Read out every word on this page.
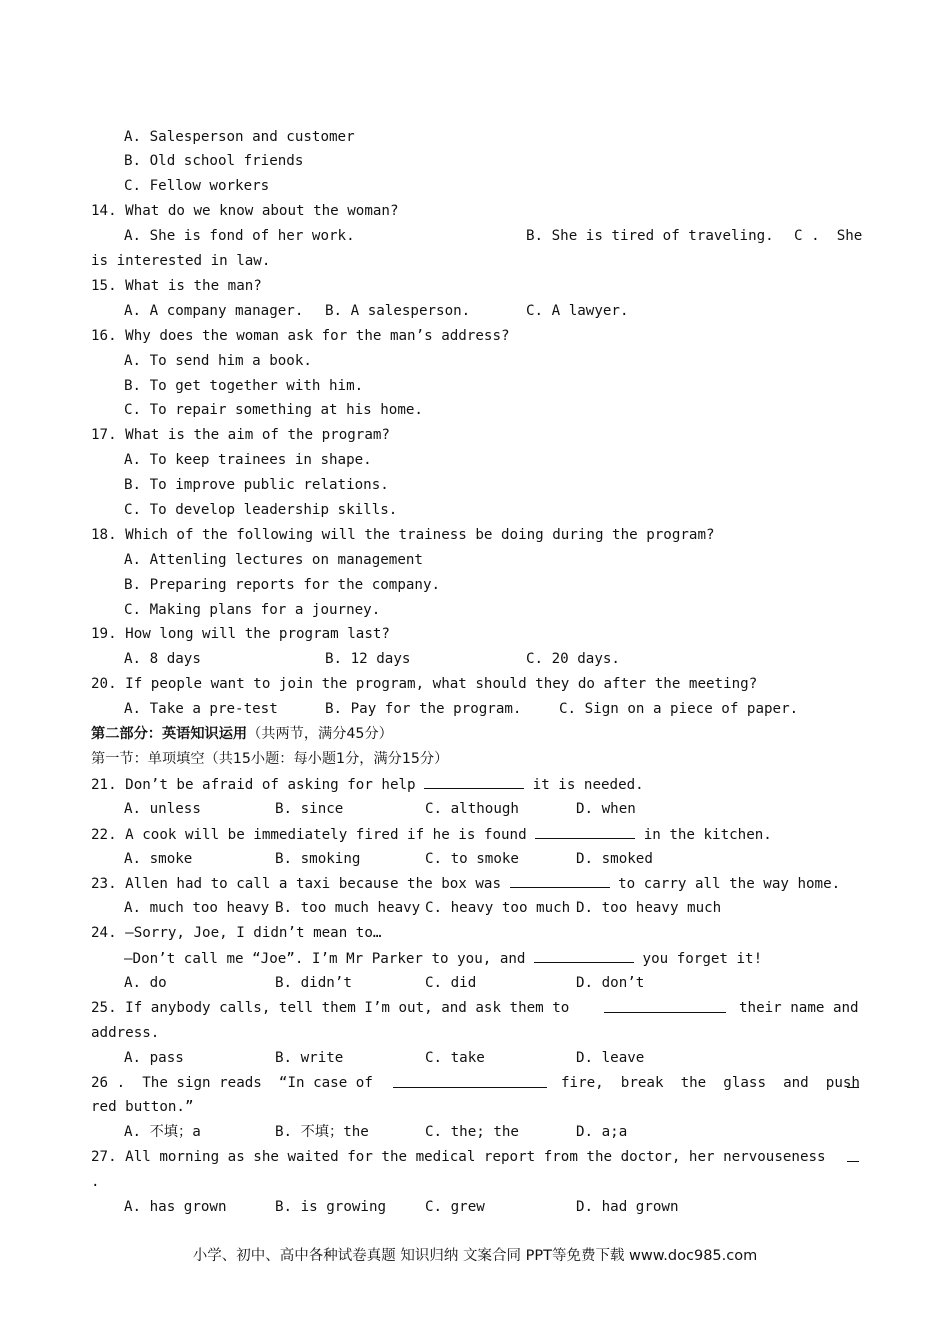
A. Salesperson and customer
B. Old school friends
C. Fellow workers
14. What do we know about the woman?
A. She is fond of her work.	B. She is tired of traveling. C .  She
is interested in law.
15. What is the man?
A. A company manager. B. A salesperson.	C. A lawyer.
16. Why does the woman ask for the man’s address?
A. To send him a book.
B. To get together with him.
C. To repair something at his home.
17. What is the aim of the program?
A. To keep trainees in shape.
B. To improve public relations.
C. To develop leadership skills.
18. Which of the following will the trainess be doing during the program?
A. Attenling lectures on management
B. Preparing reports for the company.
C. Making plans for a journey.
19. How long will the program last?
A. 8 days	B. 12 days	C. 20 days.
20. If people want to join the program, what should they do after the meeting?
A. Take a pre-test	B. Pay for the program.	C. Sign on a piece of paper.
第二部分：英语知识运用（共两节，满分45分）
第一节：单项填空（共15小题：每小题1分，满分15分）
21. Don’t be afraid of asking for help	it is needed.
A. unless	B. since	C. although	D. when
22. A cook will be immediately fired if he is found	in the kitchen.
A. smoke	B. smoking	C. to smoke	D. smoked
23. Allen had to call a taxi because the box was	to carry all the way home.
A. much too heavy B. too much heavy C. heavy too much D. too heavy much
24. —Sorry, Joe, I didn’t mean to…
—Don’t call me “Joe”. I’m Mr Parker to you, and	you forget it!
A. do	B. didn’t	C. did	D. don’t
25. If anybody calls, tell them I’m out, and ask them to	their name and
address.
A. pass	B. write	C. take	D. leave
26 .  The sign reads  “In case of	fire,  break  the  glass  and  push
red button.”
A. 不填；a	B. 不填；the	C. the; the	D. a;a
27. All morning as she waited for the medical report from the doctor, her nervouseness
.
A. has grown	B. is growing	C. grew	D. had grown
小学、初中、高中各种试卷真题 知识归纳 文案合同 PPT等免费下载 www.doc985.com
